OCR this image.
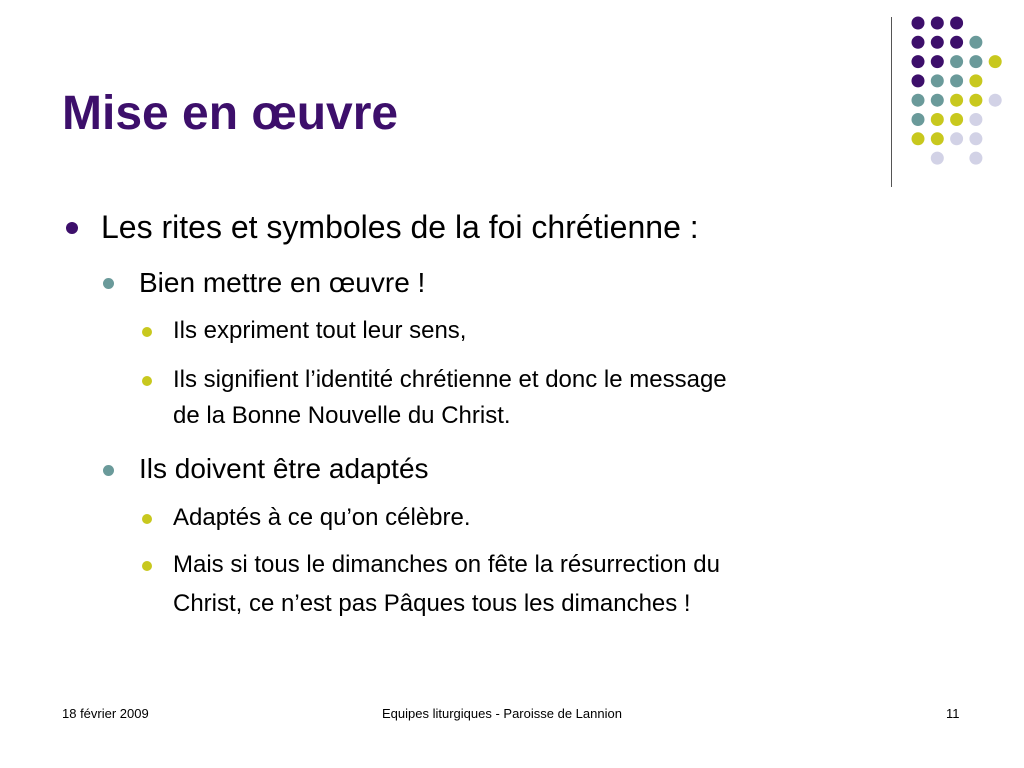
Mise en œuvre
Les rites et symboles de la foi chrétienne :
Bien mettre en œuvre !
Ils expriment tout leur sens,
Ils signifient l’identité chrétienne et donc le message
de la Bonne Nouvelle du Christ.
Ils doivent être adaptés
Adaptés à ce qu’on célèbre.
Mais si tous le dimanches on fête la résurrection du
Christ, ce n’est pas Pâques tous les dimanches !
18 février 2009	Equipes liturgiques - Paroisse de Lannion	11
